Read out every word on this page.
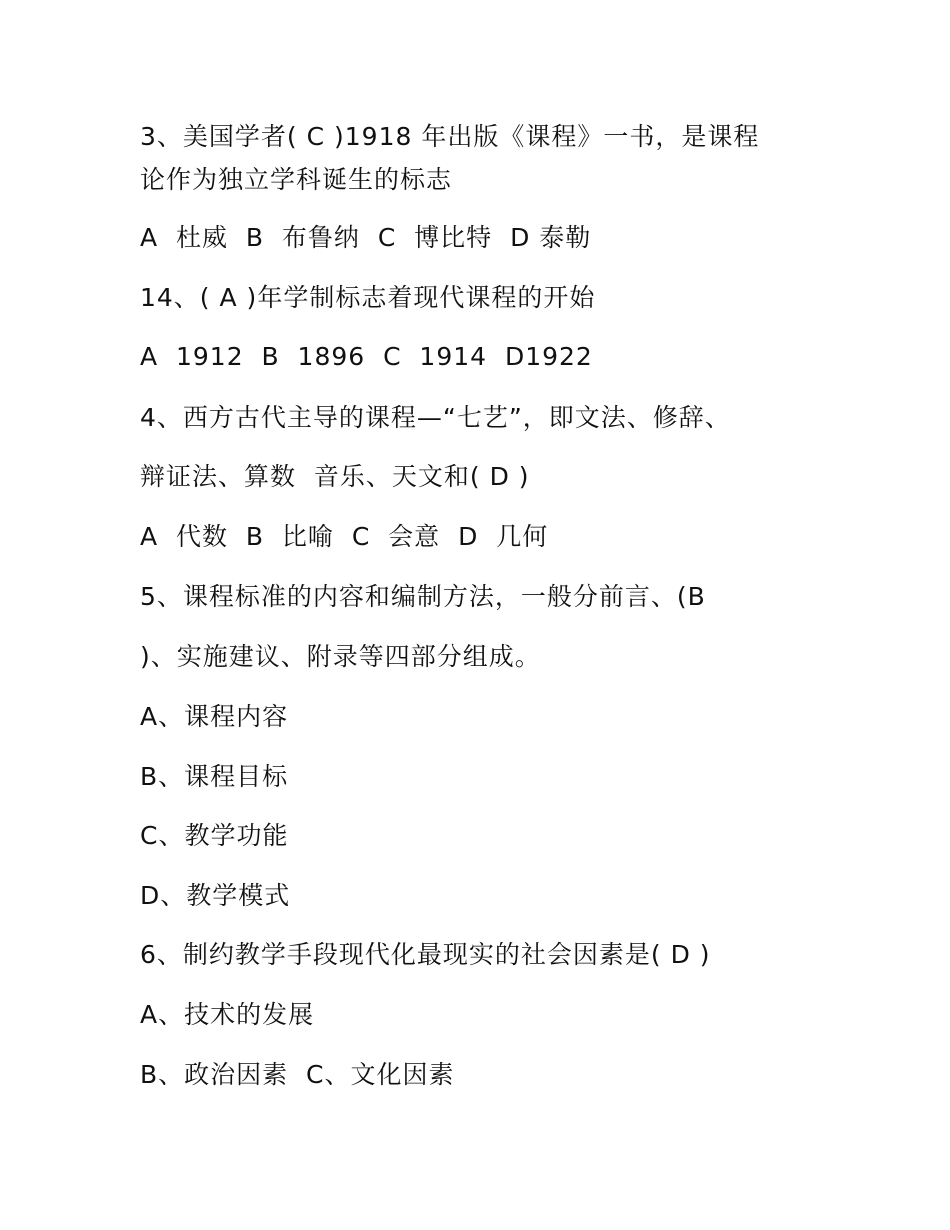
3、美国学者( C )1918 年出版《课程》一书，是课程
论作为独立学科诞生的标志
A  杜威  B  布鲁纳  C  博比特  D 泰勒
14、( A )年学制标志着现代课程的开始
A  1912  B  1896  C  1914  D1922
4、西方古代主导的课程—“七艺”，即文法、修辞、
辩证法、算数  音乐、天文和( D )
A  代数  B  比喻  C  会意  D  几何
5、课程标准的内容和编制方法，一般分前言、(B
)、实施建议、附录等四部分组成。
A、课程内容
B、课程目标
C、教学功能
D、教学模式
6、制约教学手段现代化最现实的社会因素是( D )
A、技术的发展
B、政治因素  C、文化因素
